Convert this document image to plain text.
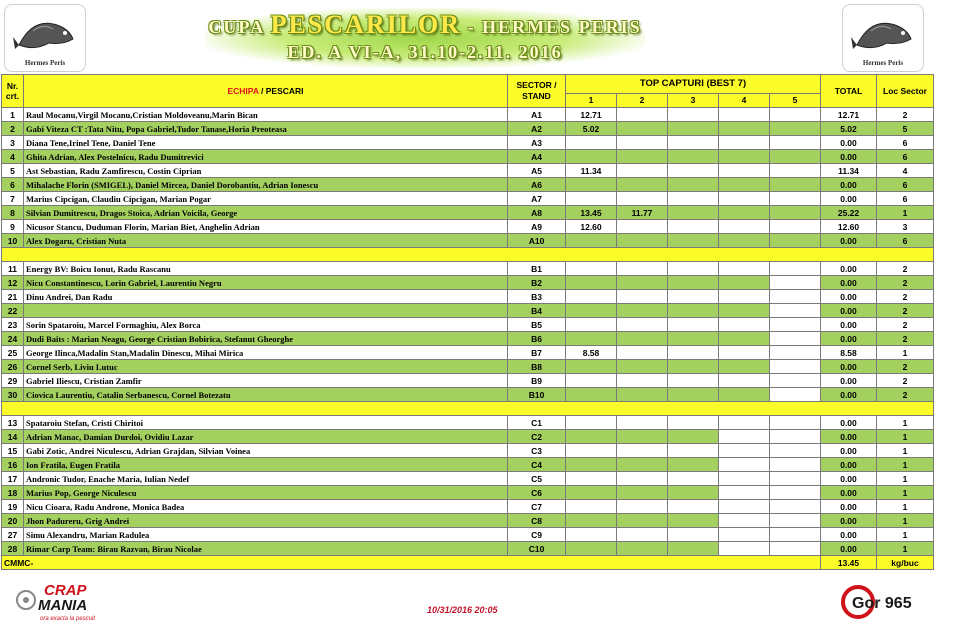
Hermes Peris
CUPA PESCARILOR - HERMES PERIS
ED. A VI-A, 31.10-2.11. 2016
Hermes Peris
Nr. crt.	ECHIPA / PESCARI	SECTOR / STAND	TOP CAPTURI (BEST 7)					TOTAL	Loc Sector
			1	2	3	4	5		
1	Raul Mocanu,Virgil Mocanu,Cristian Moldoveanu,Marin Bican	A1	12.71					12.71	2
2	Gabi Viteza CT :Tata Nitu, Popa Gabriel,Tudor Tanase,Horia Preoteasa	A2	5.02					5.02	5
3	Diana Tene,Irinel Tene, Daniel Tene	A3						0.00	6
4	Ghita Adrian, Alex Postelnicu, Radu Dumitrevici	A4						0.00	6
5	Ast Sebastian, Radu Zamfirescu, Costin Ciprian	A5	11.34					11.34	4
6	Mihalache Florin (SMIGEL), Daniel Mircea, Daniel Dorobantiu, Adrian Ionescu	A6						0.00	6
7	Marius Cipcigan, Claudiu Cipcigan, Marian Pogar	A7						0.00	6
8	Silvian Dumitrescu, Dragos Stoica, Adrian Voicila, George	A8	13.45	11.77				25.22	1
9	Nicusor Stancu, Duduman Florin, Marian Biet, Anghelin Adrian	A9	12.60					12.60	3
10	Alex Dogaru, Cristian Nuta	A10						0.00	6

11	Energy BV: Boicu Ionut, Radu Rascanu	B1						0.00	2
12	Nicu Constantinescu, Lorin Gabriel, Laurentiu Negru	B2						0.00	2
21	Dinu Andrei, Dan Radu	B3						0.00	2
22		B4						0.00	2
23	Sorin Spataroiu, Marcel Formaghiu, Alex Borca	B5						0.00	2
24	Dudi Baits : Marian Neagu, George Cristian Bobirica, Stefanut Gheorghe	B6						0.00	2
25	George Ilinca,Madalin Stan,Madalin Dinescu, Mihai Mirica	B7	8.58					8.58	1
26	Cornel Serb, Liviu Lutuc	B8						0.00	2
29	Gabriel Iliescu, Cristian Zamfir	B9						0.00	2
30	Ciovica Laurentiu, Catalin Serbanescu, Cornel Botezatu	B10						0.00	2

13	Spataroiu Stefan, Cristi Chiritoi	C1						0.00	1
14	Adrian Manac, Damian Durdoi, Ovidiu Lazar	C2						0.00	1
15	Gabi Zotic, Andrei Niculescu, Adrian Grajdan, Silvian Voinea	C3						0.00	1
16	Ion Fratila, Eugen Fratila	C4						0.00	1
17	Andronic Tudor, Enache Maria, Iulian Nedef	C5						0.00	1
18	Marius Pop, George Niculescu	C6						0.00	1
19	Nicu Cioara, Radu Androne, Monica Badea	C7						0.00	1
20	Jhon Padureru, Grig Andrei	C8						0.00	1
27	Simu Alexandru, Marian Radulea	C9						0.00	1
28	Rimar Carp Team: Birau Razvan, Birau Nicolae	C10						0.00	1
CMMC-								13.45	kg/buc
CRAP
MANIA
ora exacta la pescuit
10/31/2016 20:05	Gor 965
